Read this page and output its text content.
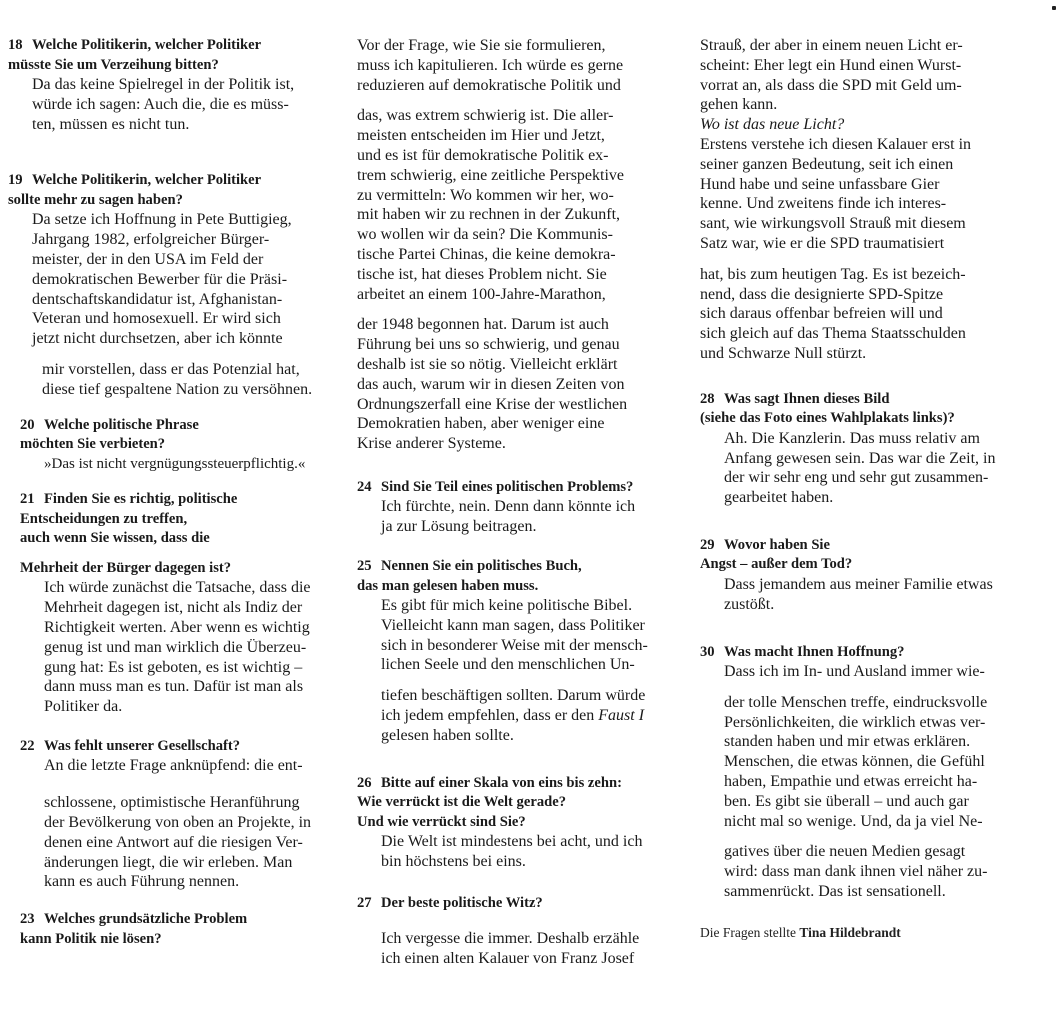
18 Welche Politikerin, welcher Politiker
müsste Sie um Verzeihung bitten?

Da das keine Spielregel in der Politik ist,

würde ich sagen: Auch die, die es müss-

ten, müssen es nicht tun.

19 Welche Politikerin, welcher Politiker
sollte mehr zu sagen haben?

Da setze ich Hoffnung in Pete Buttigieg,

Jahrgang 1982, erfolgreicher Bürger-

meister, der in den USA im Feld der

demokratischen Bewerber für die Präsi-

dentschaftskandidatur ist, Afghanistan-

Veteran und homosexuell. Er wird sich

jetzt nicht durchsetzen, aber ich könnte

mir vorstellen, dass er das Potenzial hat,

diese tief gespaltene Nation zu versöhnen.

20 Welche politische Phrase
möchten Sie verbieten?

»Das ist nicht vergnügungssteuerpflichtig.«

21 Finden Sie es richtig, politische
Entscheidungen zu treffen,
auch wenn Sie wissen, dass die
Mehrheit der Bürger dagegen ist?

Ich würde zunächst die Tatsache, dass die

Mehrheit dagegen ist, nicht als Indiz der

Richtigkeit werten. Aber wenn es wichtig

genug ist und man wirklich die Überzeu-

gung hat: Es ist geboten, es ist wichtig –

dann muss man es tun. Dafür ist man als

Politiker da.

22 Was fehlt unserer Gesellschaft?

An die letzte Frage anknüpfend: die ent-

schlossene, optimistische Heranführung

der Bevölkerung von oben an Projekte, in

denen eine Antwort auf die riesigen Ver-

änderungen liegt, die wir erleben. Man

kann es auch Führung nennen.

23 Welches grundsätzliche Problem
kann Politik nie lösen?

Vor der Frage, wie Sie sie formulieren,

muss ich kapitulieren. Ich würde es gerne

reduzieren auf demokratische Politik und

das, was extrem schwierig ist. Die aller-

meisten entscheiden im Hier und Jetzt,

und es ist für demokratische Politik ex-

trem schwierig, eine zeitliche Perspektive

zu vermitteln: Wo kommen wir her, wo-

mit haben wir zu rechnen in der Zukunft,

wo wollen wir da sein? Die Kommunis-

tische Partei Chinas, die keine demokra-

tische ist, hat dieses Problem nicht. Sie

arbeitet an einem 100-Jahre-Marathon,

der 1948 begonnen hat. Darum ist auch

Führung bei uns so schwierig, und genau

deshalb ist sie so nötig. Vielleicht erklärt

das auch, warum wir in diesen Zeiten von

Ordnungszerfall eine Krise der westlichen

Demokratien haben, aber weniger eine

Krise anderer Systeme.

24 Sind Sie Teil eines politischen Problems?

Ich fürchte, nein. Denn dann könnte ich

ja zur Lösung beitragen.

25 Nennen Sie ein politisches Buch,
das man gelesen haben muss.

Es gibt für mich keine politische Bibel.

Vielleicht kann man sagen, dass Politiker

sich in besonderer Weise mit der mensch-

lichen Seele und den menschlichen Un-

tiefen beschäftigen sollten. Darum würde

ich jedem empfehlen, dass er den Faust I

gelesen haben sollte.

26 Bitte auf einer Skala von eins bis zehn:
Wie verrückt ist die Welt gerade?
Und wie verrückt sind Sie?

Die Welt ist mindestens bei acht, und ich

bin höchstens bei eins.

27 Der beste politische Witz?

Ich vergesse die immer. Deshalb erzähle

ich einen alten Kalauer von Franz Josef

Strauß, der aber in einem neuen Licht er-

scheint: Eher legt ein Hund einen Wurst-

vorrat an, als dass die SPD mit Geld um-

gehen kann.

Wo ist das neue Licht?

Erstens verstehe ich diesen Kalauer erst in

seiner ganzen Bedeutung, seit ich einen

Hund habe und seine unfassbare Gier

kenne. Und zweitens finde ich interes-

sant, wie wirkungsvoll Strauß mit diesem

Satz war, wie er die SPD traumatisiert

hat, bis zum heutigen Tag. Es ist bezeich-

nend, dass die designierte SPD-Spitze

sich daraus offenbar befreien will und

sich gleich auf das Thema Staatsschulden

und Schwarze Null stürzt.

28 Was sagt Ihnen dieses Bild
(siehe das Foto eines Wahlplakats links)?

Ah. Die Kanzlerin. Das muss relativ am

Anfang gewesen sein. Das war die Zeit, in

der wir sehr eng und sehr gut zusammen-

gearbeitet haben.

29 Wovor haben Sie
Angst – außer dem Tod?

Dass jemandem aus meiner Familie etwas

zustößt.

30 Was macht Ihnen Hoffnung?

Dass ich im In- und Ausland immer wie-

der tolle Menschen treffe, eindrucksvolle

Persönlichkeiten, die wirklich etwas ver-

standen haben und mir etwas erklären.

Menschen, die etwas können, die Gefühl

haben, Empathie und etwas erreicht ha-

ben. Es gibt sie überall – und auch gar

nicht mal so wenige. Und, da ja viel Ne-

gatives über die neuen Medien gesagt

wird: dass man dank ihnen viel näher zu-

sammenrückt. Das ist sensationell.

Die Fragen stellte Tina Hildebrandt
